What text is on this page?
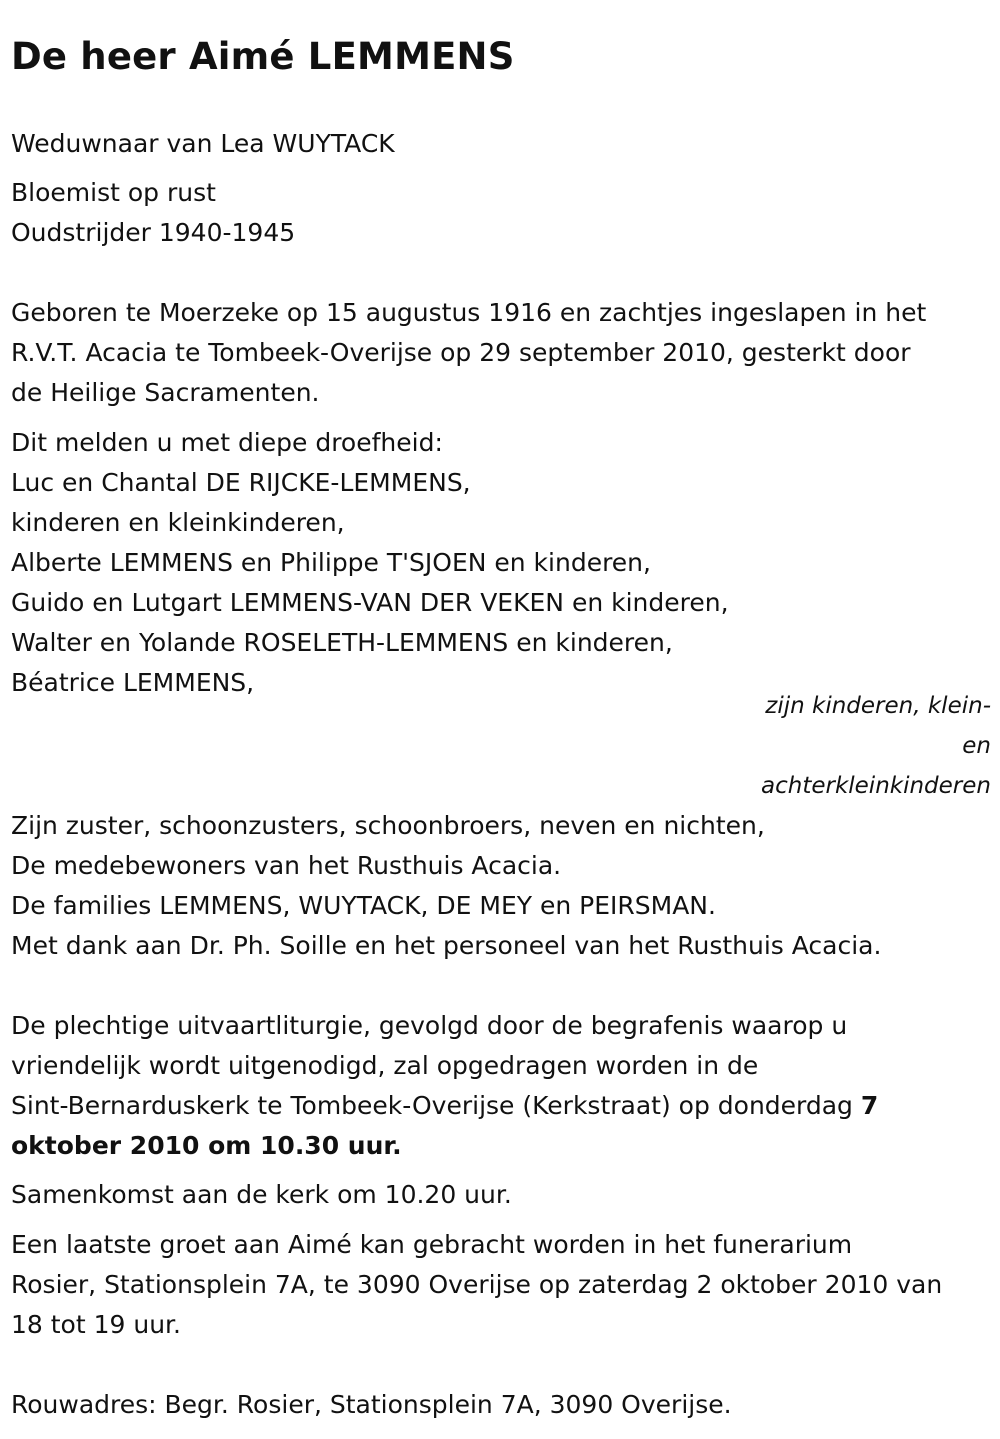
De heer Aimé LEMMENS

Weduwnaar van Lea WUYTACK

Bloemist op rust
Oudstrijder 1940-1945

Geboren te Moerzeke op 15 augustus 1916 en zachtjes ingeslapen in het
R.V.T. Acacia te Tombeek-Overijse op 29 september 2010, gesterkt door
de Heilige Sacramenten.

Dit melden u met diepe droefheid:
Luc en Chantal DE RIJCKE-LEMMENS,
kinderen en kleinkinderen,
Alberte LEMMENS en Philippe T'SJOEN en kinderen,
Guido en Lutgart LEMMENS-VAN DER VEKEN en kinderen,
Walter en Yolande ROSELETH-LEMMENS en kinderen,
Béatrice LEMMENS,

zijn kinderen, klein-
en
achterkleinkinderen

Zijn zuster, schoonzusters, schoonbroers, neven en nichten,
De medebewoners van het Rusthuis Acacia.
De families LEMMENS, WUYTACK, DE MEY en PEIRSMAN.
Met dank aan Dr. Ph. Soille en het personeel van het Rusthuis Acacia.

De plechtige uitvaartliturgie, gevolgd door de begrafenis waarop u
vriendelijk wordt uitgenodigd, zal opgedragen worden in de
Sint-Bernarduskerk te Tombeek-Overijse (Kerkstraat) op donderdag 7
oktober 2010 om 10.30 uur.

Samenkomst aan de kerk om 10.20 uur.

Een laatste groet aan Aimé kan gebracht worden in het funerarium
Rosier, Stationsplein 7A, te 3090 Overijse op zaterdag 2 oktober 2010 van
18 tot 19 uur.

Rouwadres: Begr. Rosier, Stationsplein 7A, 3090 Overijse.
